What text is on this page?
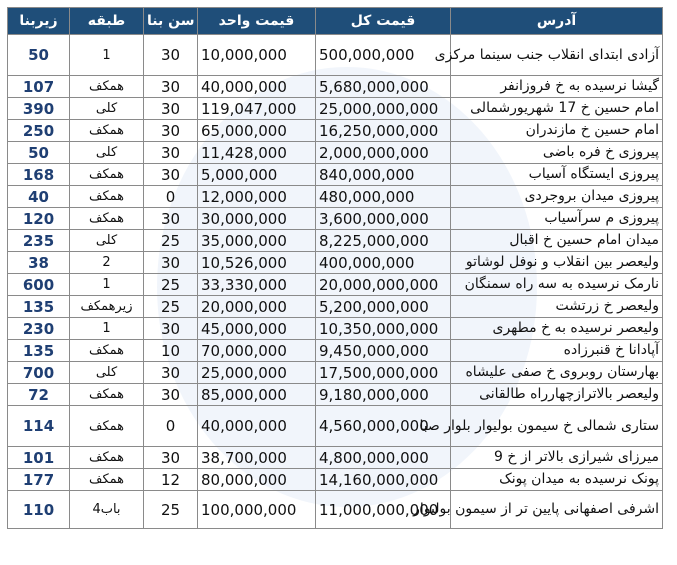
زیربنا	طبقه	سن بنا	قیمت واحد	قیمت کل	آدرس
50	1	30	10,000,000	500,000,000	آزادی ابتدای انقلاب جنب سینما مرکزی
107	همکف	30	40,000,000	5,680,000,000	گیشا نرسیده به خ فروزانفر
390	کلی	30	119,047,000	25,000,000,000	امام حسین خ 17 شهریورشمالی
250	همکف	30	65,000,000	16,250,000,000	امام حسین خ مازندران
50	کلی	30	11,428,000	2,000,000,000	پیروزی خ فره باضی
168	همکف	30	5,000,000	840,000,000	پیروزی ایستگاه آسیاب
40	همکف	0	12,000,000	480,000,000	پیروزی میدان بروجردی
120	همکف	30	30,000,000	3,600,000,000	پیروزی م سرآسیاب
235	کلی	25	35,000,000	8,225,000,000	میدان امام حسین خ اقبال
38	2	30	10,526,000	400,000,000	ولیعصر بین انقلاب و نوفل لوشاتو
600	1	25	33,330,000	20,000,000,000	نارمک نرسیده به سه راه سمنگان
135	زیرهمکف	25	20,000,000	5,200,000,000	ولیعصر خ زرتشت
230	1	30	45,000,000	10,350,000,000	ولیعصر نرسیده به خ مطهری
135	همکف	10	70,000,000	9,450,000,000	آپادانا خ قنبرزاده
700	کلی	30	25,000,000	17,500,000,000	بهارستان روبروی خ صفی علیشاه
72	همکف	30	85,000,000	9,180,000,000	ولیعصر بالاترازچهارراه طالقانی
114	همکف	0	40,000,000	4,560,000,000	ستاری شمالی خ سیمون بولیوار بلوار صبا
101	همکف	30	38,700,000	4,800,000,000	میرزای شیرازی بالاتر از خ 9
177	همکف	12	80,000,000	14,160,000,000	پونک نرسیده به میدان پونک
110	4باب	25	100,000,000	11,000,000,000	اشرفی اصفهانی پایین تر از سیمون بولیوار
